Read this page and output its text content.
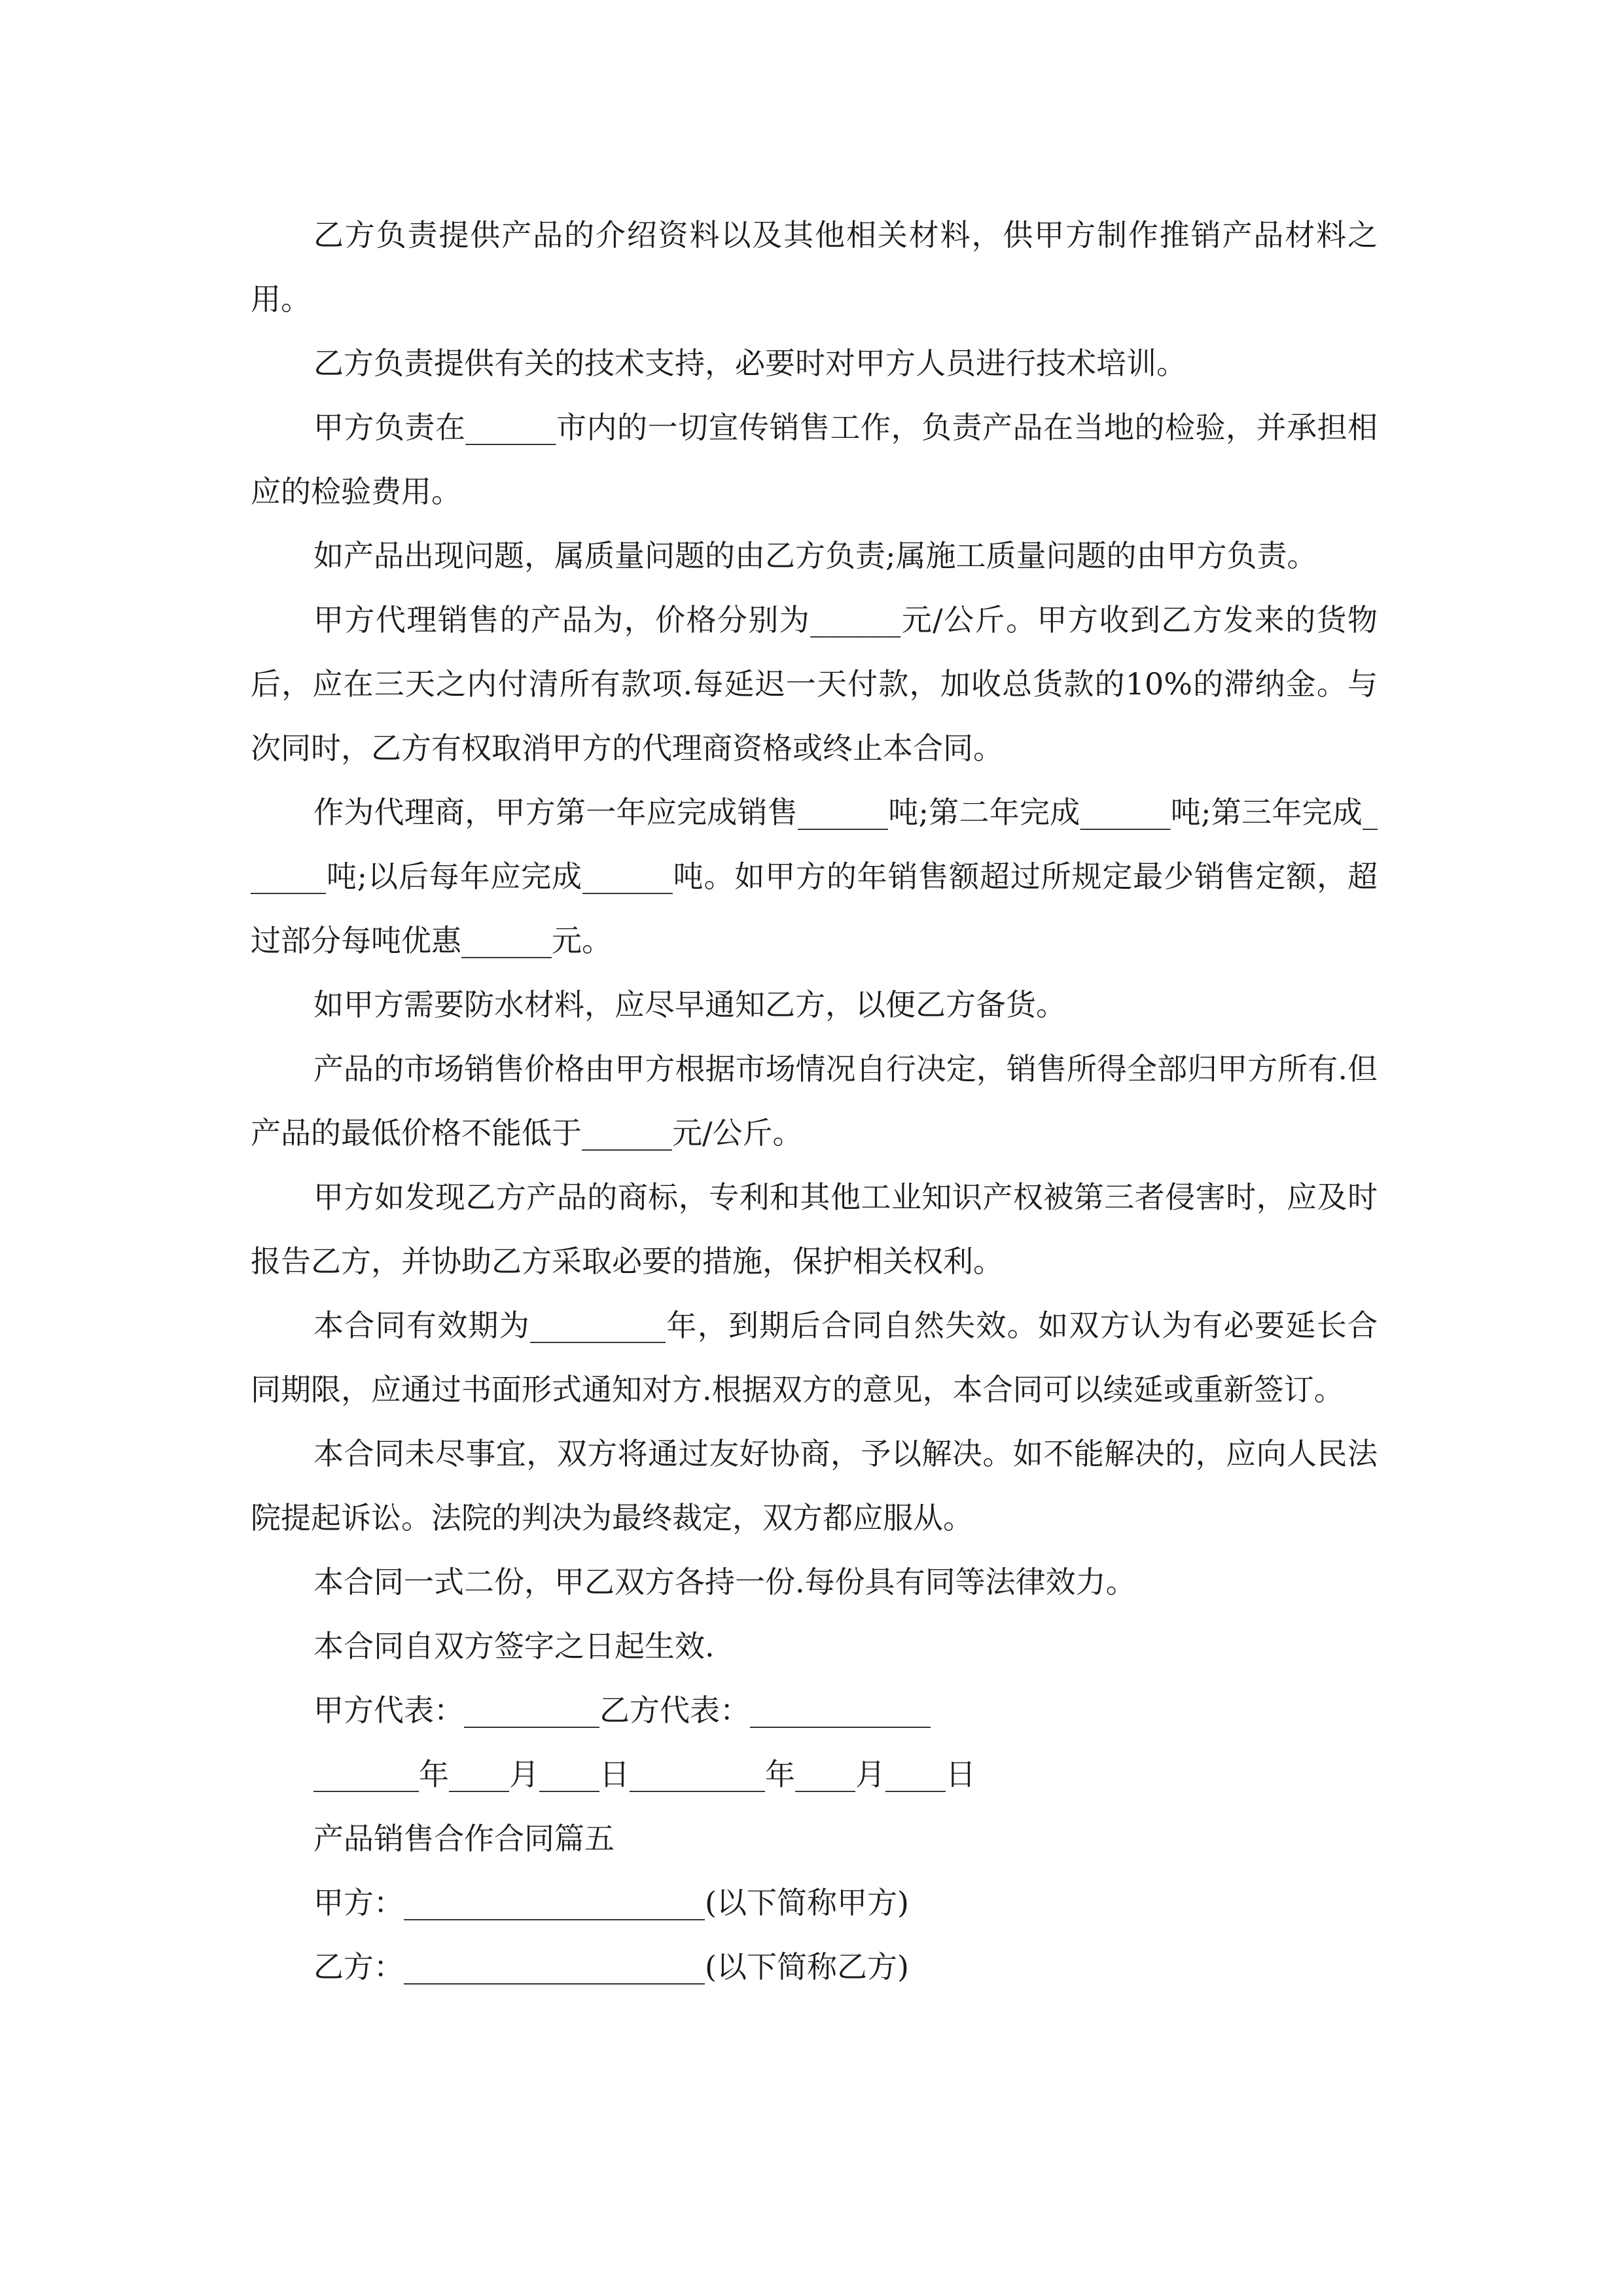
乙方负责提供产品的介绍资料以及其他相关材料，供甲方制作推销产品材料之用。

乙方负责提供有关的技术支持，必要时对甲方人员进行技术培训。

甲方负责在______市内的一切宣传销售工作，负责产品在当地的检验，并承担相应的检验费用。

如产品出现问题，属质量问题的由乙方负责;属施工质量问题的由甲方负责。

甲方代理销售的产品为，价格分别为______元/公斤。甲方收到乙方发来的货物后，应在三天之内付清所有款项.每延迟一天付款，加收总货款的10%的滞纳金。与次同时，乙方有权取消甲方的代理商资格或终止本合同。

作为代理商，甲方第一年应完成销售______吨;第二年完成______吨;第三年完成______吨;以后每年应完成______吨。如甲方的年销售额超过所规定最少销售定额，超过部分每吨优惠______元。

如甲方需要防水材料，应尽早通知乙方，以便乙方备货。

产品的市场销售价格由甲方根据市场情况自行决定，销售所得全部归甲方所有.但产品的最低价格不能低于______元/公斤。

甲方如发现乙方产品的商标，专利和其他工业知识产权被第三者侵害时，应及时报告乙方，并协助乙方采取必要的措施，保护相关权利。

本合同有效期为_________年，到期后合同自然失效。如双方认为有必要延长合同期限，应通过书面形式通知对方.根据双方的意见，本合同可以续延或重新签订。

本合同未尽事宜，双方将通过友好协商，予以解决。如不能解决的，应向人民法院提起诉讼。法院的判决为最终裁定，双方都应服从。

本合同一式二份，甲乙双方各持一份.每份具有同等法律效力。

本合同自双方签字之日起生效.

甲方代表：_________乙方代表：____________

_______年____月____日_________年____月____日

产品销售合作合同篇五

甲方：____________________(以下简称甲方)

乙方：____________________(以下简称乙方)
